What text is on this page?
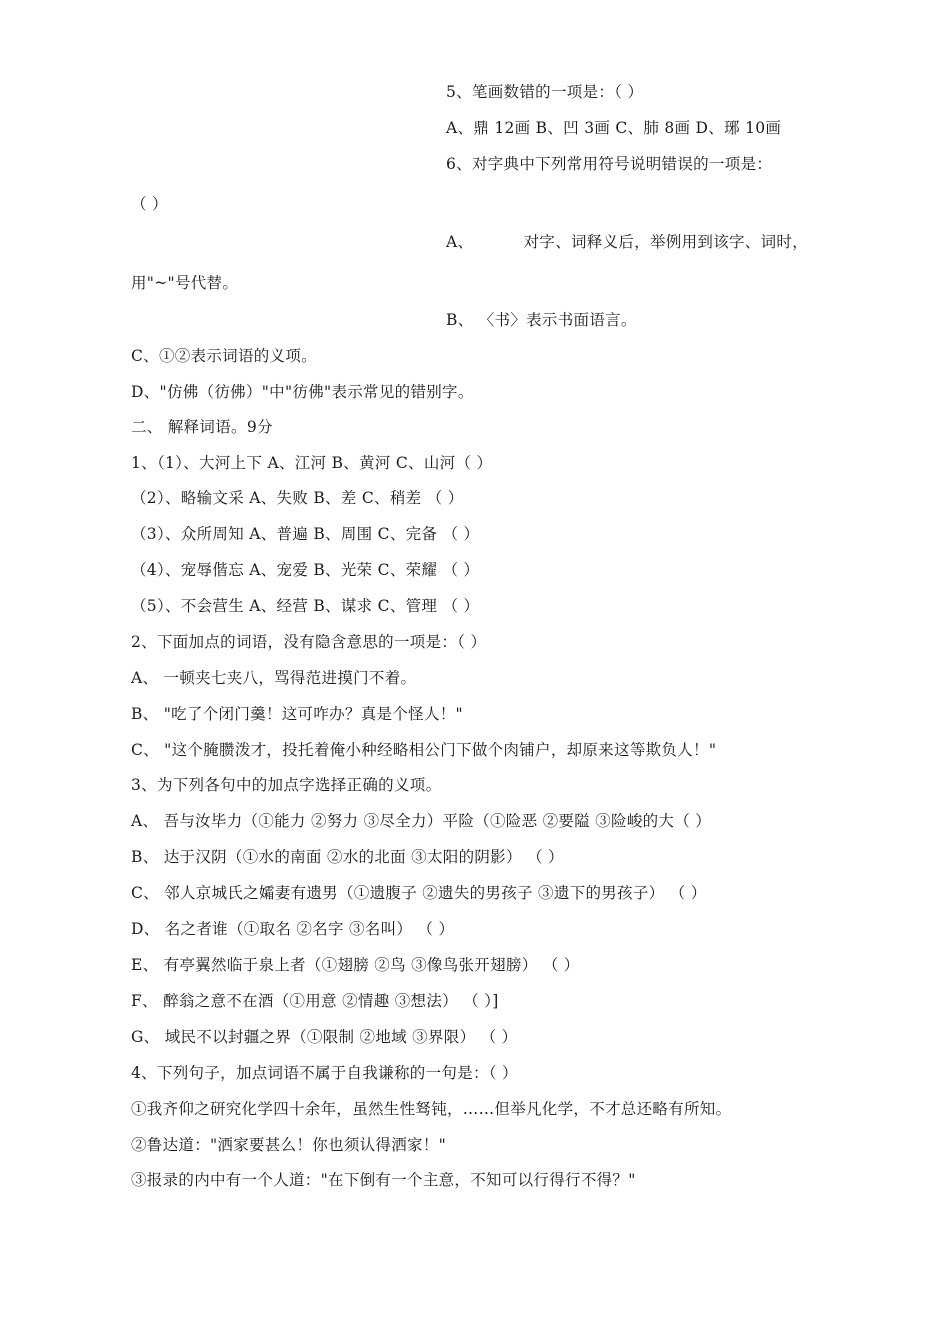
5、笔画数错的一项是：（ ）
A、鼎 12画 B、凹 3画 C、肺 8画 D、琊 10画
6、对字典中下列常用符号说明错误的一项是：
（ ）
A、	对字、词释义后，举例用到该字、词时，
用"~"号代替。
B、 〈书〉表示书面语言。
C、①②表示词语的义项。
D、"仿佛（彷佛）"中"彷佛"表示常见的错别字。
二、 解释词语。9分
1、（1）、大河上下 A、江河 B、黄河 C、山河（ ）
（2）、略输文采 A、失败 B、差 C、稍差 （ ）
（3）、众所周知 A、普遍 B、周围 C、完备 （ ）
（4）、宠辱偕忘 A、宠爱 B、光荣 C、荣耀 （ ）
（5）、不会营生 A、经营 B、谋求 C、管理 （ ）
2、下面加点的词语，没有隐含意思的一项是：（ ）
A、 一顿夹七夹八，骂得范进摸门不着。
B、 "吃了个闭门羹！这可咋办？真是个怪人！"
C、 "这个腌臜泼才，投托着俺小种经略相公门下做个肉铺户，却原来这等欺负人！"
3、为下列各句中的加点字选择正确的义项。
A、 吾与汝毕力（①能力 ②努力 ③尽全力）平险（①险恶 ②要隘 ③险峻的大（ ）
B、 达于汉阴（①水的南面 ②水的北面 ③太阳的阴影） （ ）
C、 邻人京城氏之孀妻有遗男（①遗腹子 ②遗失的男孩子 ③遗下的男孩子） （ ）
D、 名之者谁（①取名 ②名字 ③名叫） （ ）
E、 有亭翼然临于泉上者（①翅膀 ②鸟 ③像鸟张开翅膀） （ ）
F、 醉翁之意不在酒（①用意 ②情趣 ③想法） （ ）]
G、 域民不以封疆之界（①限制 ②地域 ③界限） （ ）
4、下列句子，加点词语不属于自我谦称的一句是：（ ）
①我齐仰之研究化学四十余年，虽然生性驽钝，……但举凡化学，不才总还略有所知。
②鲁达道："洒家要甚么！你也须认得洒家！"
③报录的内中有一个人道："在下倒有一个主意，不知可以行得行不得？"
